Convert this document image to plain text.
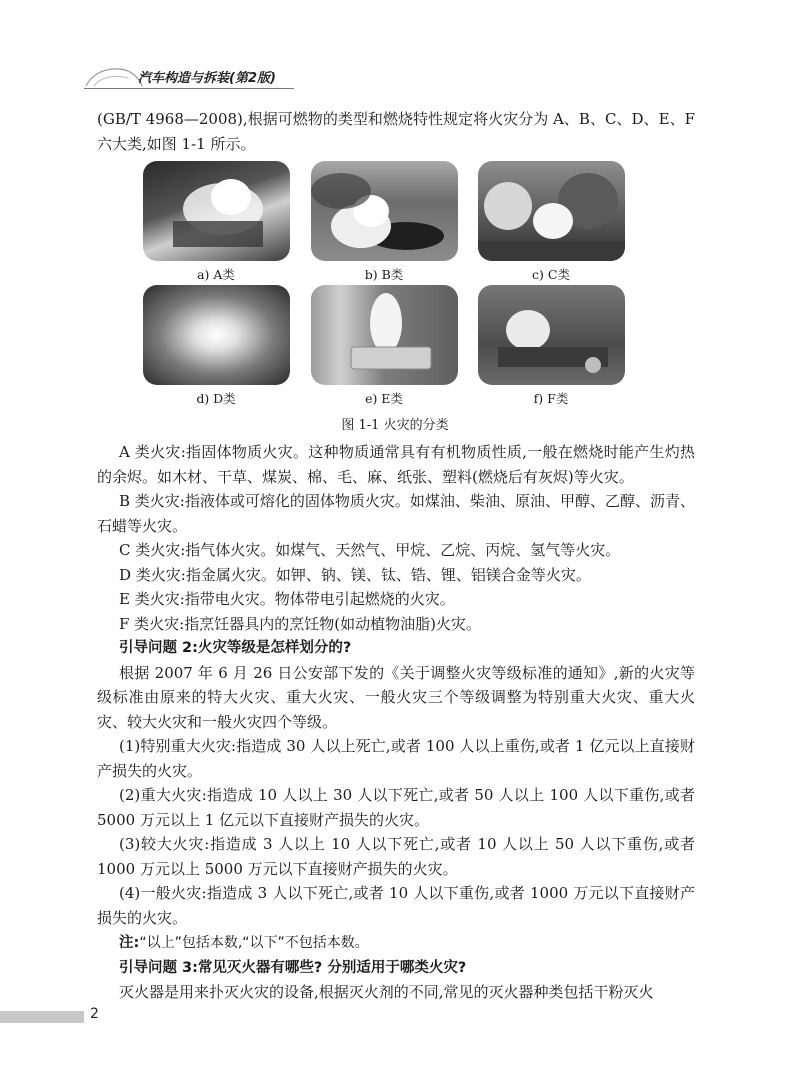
汽车构造与拆装(第2版)

(GB/T 4968—2008),根据可燃物的类型和燃烧特性规定将火灾分为 A、B、C、D、E、F 六大类,如图 1-1 所示。

a) A类	b) B类	c) C类
d) D类	e) E类	f) F类
图 1-1 火灾的分类

A 类火灾:指固体物质火灾。这种物质通常具有有机物质性质,一般在燃烧时能产生灼热的余烬。如木材、干草、煤炭、棉、毛、麻、纸张、塑料(燃烧后有灰烬)等火灾。

B 类火灾:指液体或可熔化的固体物质火灾。如煤油、柴油、原油、甲醇、乙醇、沥青、石蜡等火灾。

C 类火灾:指气体火灾。如煤气、天然气、甲烷、乙烷、丙烷、氢气等火灾。

D 类火灾:指金属火灾。如钾、钠、镁、钛、锆、锂、铝镁合金等火灾。

E 类火灾:指带电火灾。物体带电引起燃烧的火灾。

F 类火灾:指烹饪器具内的烹饪物(如动植物油脂)火灾。

引导问题 2:火灾等级是怎样划分的?

根据 2007 年 6 月 26 日公安部下发的《关于调整火灾等级标准的通知》,新的火灾等级标准由原来的特大火灾、重大火灾、一般火灾三个等级调整为特别重大火灾、重大火灾、较大火灾和一般火灾四个等级。

(1)特别重大火灾:指造成 30 人以上死亡,或者 100 人以上重伤,或者 1 亿元以上直接财产损失的火灾。

(2)重大火灾:指造成 10 人以上 30 人以下死亡,或者 50 人以上 100 人以下重伤,或者 5000 万元以上 1 亿元以下直接财产损失的火灾。

(3)较大火灾:指造成 3 人以上 10 人以下死亡,或者 10 人以上 50 人以下重伤,或者 1000 万元以上 5000 万元以下直接财产损失的火灾。

(4)一般火灾:指造成 3 人以下死亡,或者 10 人以下重伤,或者 1000 万元以下直接财产损失的火灾。

注:“以上”包括本数,“以下”不包括本数。

引导问题 3:常见灭火器有哪些? 分别适用于哪类火灾?

灭火器是用来扑灭火灾的设备,根据灭火剂的不同,常见的灭火器种类包括干粉灭火

2
